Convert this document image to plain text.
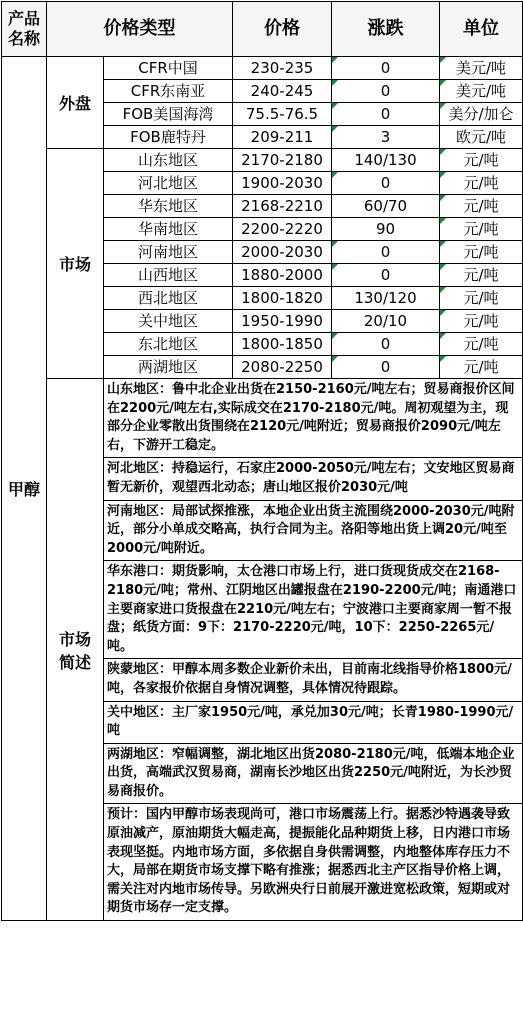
产品
名称	价格类型		价格	涨跌	单位
甲醇	外盘	CFR中国	230-235	0	美元/吨
		CFR东南亚	240-245	0	美元/吨
		FOB美国海湾	75.5-76.5	0	美分/加仑
		FOB鹿特丹	209-211	3	欧元/吨
	市场	山东地区	2170-2180	140/130	元/吨
		河北地区	1900-2030	0	元/吨
		华东地区	2168-2210	60/70	元/吨
		华南地区	2200-2220	90	元/吨
		河南地区	2000-2030	0	元/吨
		山西地区	1880-2000	0	元/吨
		西北地区	1800-1820	130/120	元/吨
		关中地区	1950-1990	20/10	元/吨
		东北地区	1800-1850	0	元/吨
		两湖地区	2080-2250	0	元/吨

	市场
简述	山东地区：鲁中北企业出货在2150-2160元/吨左右；贸易商报价区间在2200元/吨左右,实际成交在2170-2180元/吨。周初观望为主，现部分企业零散出货围绕在2120元/吨附近；贸易商报价2090元/吨左右，下游开工稳定。			
		河北地区：持稳运行，石家庄2000-2050元/吨左右；文安地区贸易商暂无新价，观望西北动态；唐山地区报价2030元/吨			
		河南地区：局部试探推涨，本地企业出货主流围绕2000-2030元/吨附近，部分小单成交略高，执行合同为主。洛阳等地出货上调20元/吨至2000元/吨附近。			
		华东港口：期货影响，太仓港口市场上行，进口货现货成交在2168-2180元/吨；常州、江阴地区出罐报盘在2190-2200元/吨；南通港口主要商家进口货报盘在2210元/吨左右；宁波港口主要商家周一暂不报盘；纸货方面：9下：2170-2220元/吨，10下：2250-2265元/吨。			
		陕蒙地区：甲醇本周多数企业新价未出，目前南北线指导价格1800元/吨，各家报价依据自身情况调整，具体情况待跟踪。			
		关中地区：主厂家1950元/吨，承兑加30元/吨；长青1980-1990元/吨			
		两湖地区：窄幅调整，湖北地区出货2080-2180元/吨，低端本地企业出货，高端武汉贸易商，湖南长沙地区出货2250元/吨附近，为长沙贸易商报价。			
		预计：国内甲醇市场表现尚可，港口市场震荡上行。据悉沙特遇袭导致原油减产，原油期货大幅走高，提振能化品种期货上移，日内港口市场表现坚挺。内地市场方面，多依据自身供需调整，内地整体库存压力不大，局部在期货市场支撑下略有推涨；据悉西北主产区指导价格上调，需关注对内地市场传导。另欧洲央行日前展开激进宽松政策，短期或对期货市场存一定支撑。			
